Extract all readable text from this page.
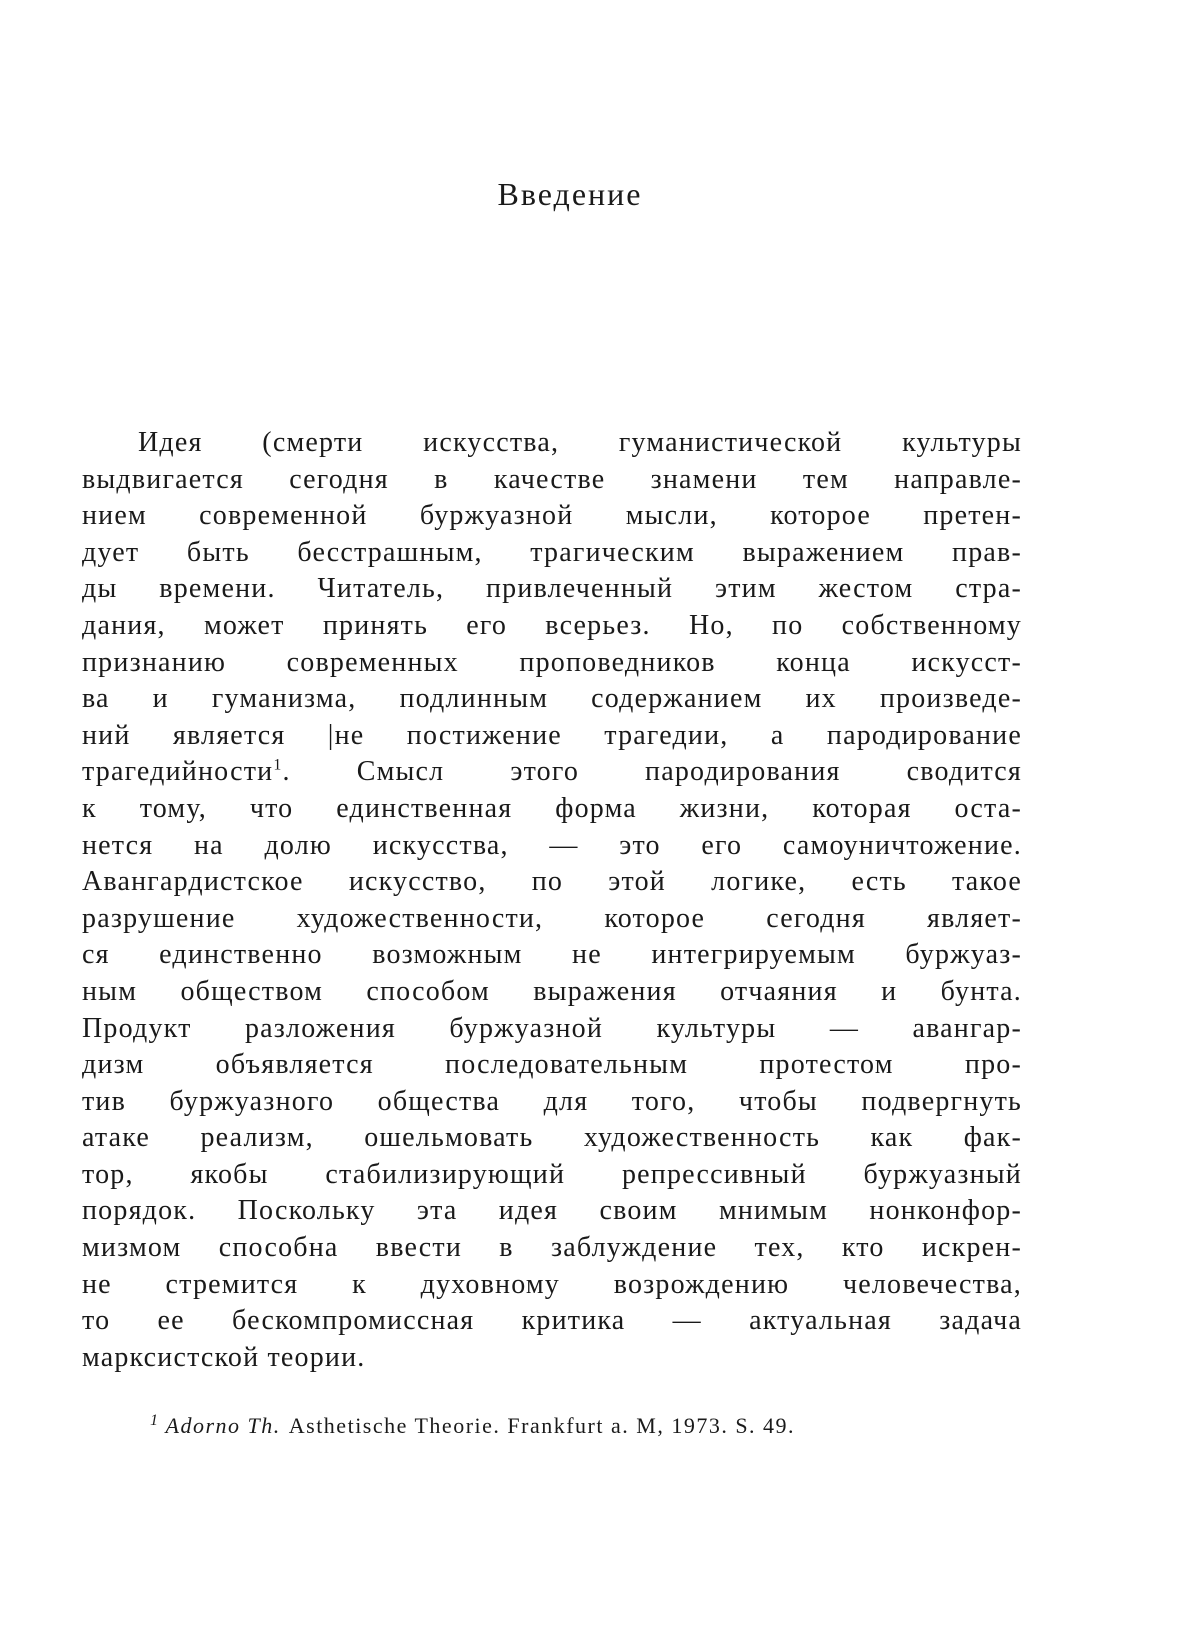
Введение
Идея (смерти искусства, гуманистической культуры
выдвигается сегодня в качестве знамени тем направле-
нием современной буржуазной мысли, которое претен-
дует быть бесстрашным, трагическим выражением прав-
ды времени. Читатель, привлеченный этим жестом стра-
дания, может принять его всерьез. Но, по собственному
признанию современных проповедников конца искусст-
ва и гуманизма, подлинным содержанием их произведе-
ний является |не постижение трагедии, а пародирование
трагедийности$^1$. Смысл этого пародирования сводится
к тому, что единственная форма жизни, которая оста-
нется на долю искусства, — это его самоуничтожение.
Авангардистское искусство, по этой логике, есть такое
разрушение художественности, которое сегодня являет-
ся единственно возможным не интегрируемым буржуаз-
ным обществом способом выражения отчаяния и бунта.
Продукт разложения буржуазной культуры — авангар-
дизм объявляется последовательным протестом про-
тив буржуазного общества для того, чтобы подвергнуть
атаке реализм, ошельмовать художественность как фак-
тор, якобы стабилизирующий репрессивный буржуазный
порядок. Поскольку эта идея своим мнимым нонконфор-
мизмом способна ввести в заблуждение тех, кто искрен-
не стремится к духовному возрождению человечества,
то ее бескомпромиссная критика — актуальная задача
марксистской теории.
$^1$ Adorno Th. Asthetische Theorie. Frankfurt a. M, 1973. S. 49.
